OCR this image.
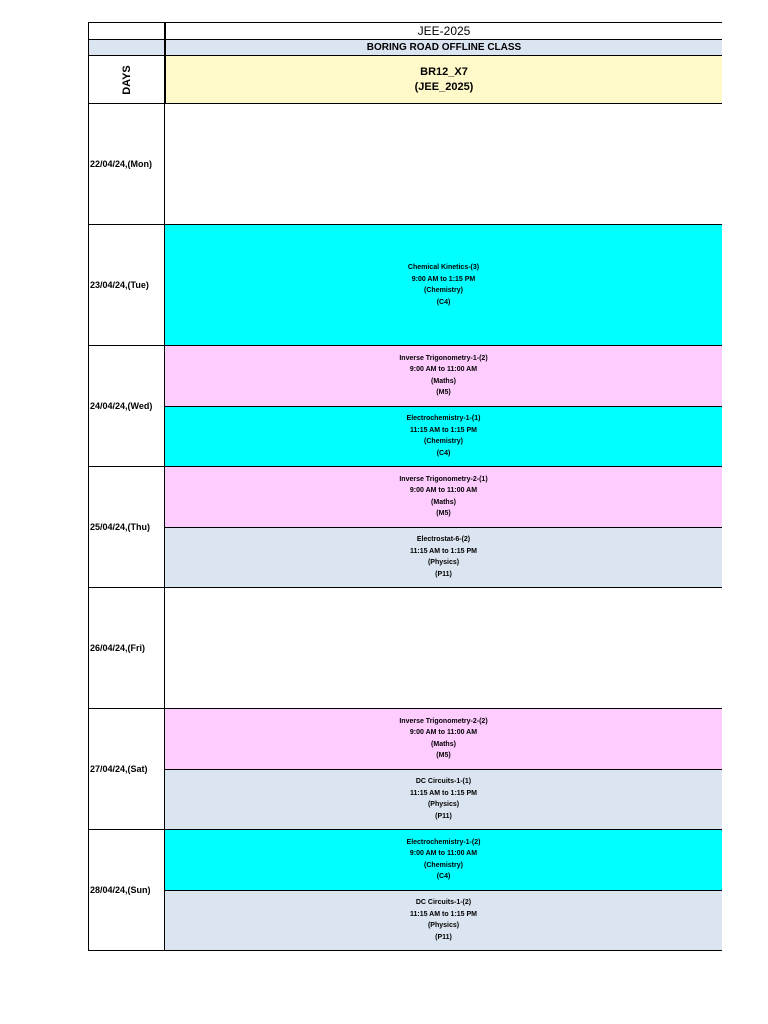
JEE-2025
BORING ROAD OFFLINE CLASS
DAYS	BR12_X7
(JEE_2025)
22/04/24,(Mon)
23/04/24,(Tue)
Chemical Kinetics-(3)
9:00 AM to 1:15 PM
(Chemistry)
(C4)
24/04/24,(Wed)
Inverse Trigonometry-1-(2)
9:00 AM to 11:00 AM
(Maths)
(M5)
Electrochemistry-1-(1)
11:15 AM to 1:15 PM
(Chemistry)
(C4)
25/04/24,(Thu)
Inverse Trigonometry-2-(1)
9:00 AM to 11:00 AM
(Maths)
(M5)
Electrostat-6-(2)
11:15 AM to 1:15 PM
(Physics)
(P11)
26/04/24,(Fri)
27/04/24,(Sat)
Inverse Trigonometry-2-(2)
9:00 AM to 11:00 AM
(Maths)
(M5)
DC Circuits-1-(1)
11:15 AM to 1:15 PM
(Physics)
(P11)
28/04/24,(Sun)
Electrochemistry-1-(2)
9:00 AM to 11:00 AM
(Chemistry)
(C4)
DC Circuits-1-(2)
11:15 AM to 1:15 PM
(Physics)
(P11)
